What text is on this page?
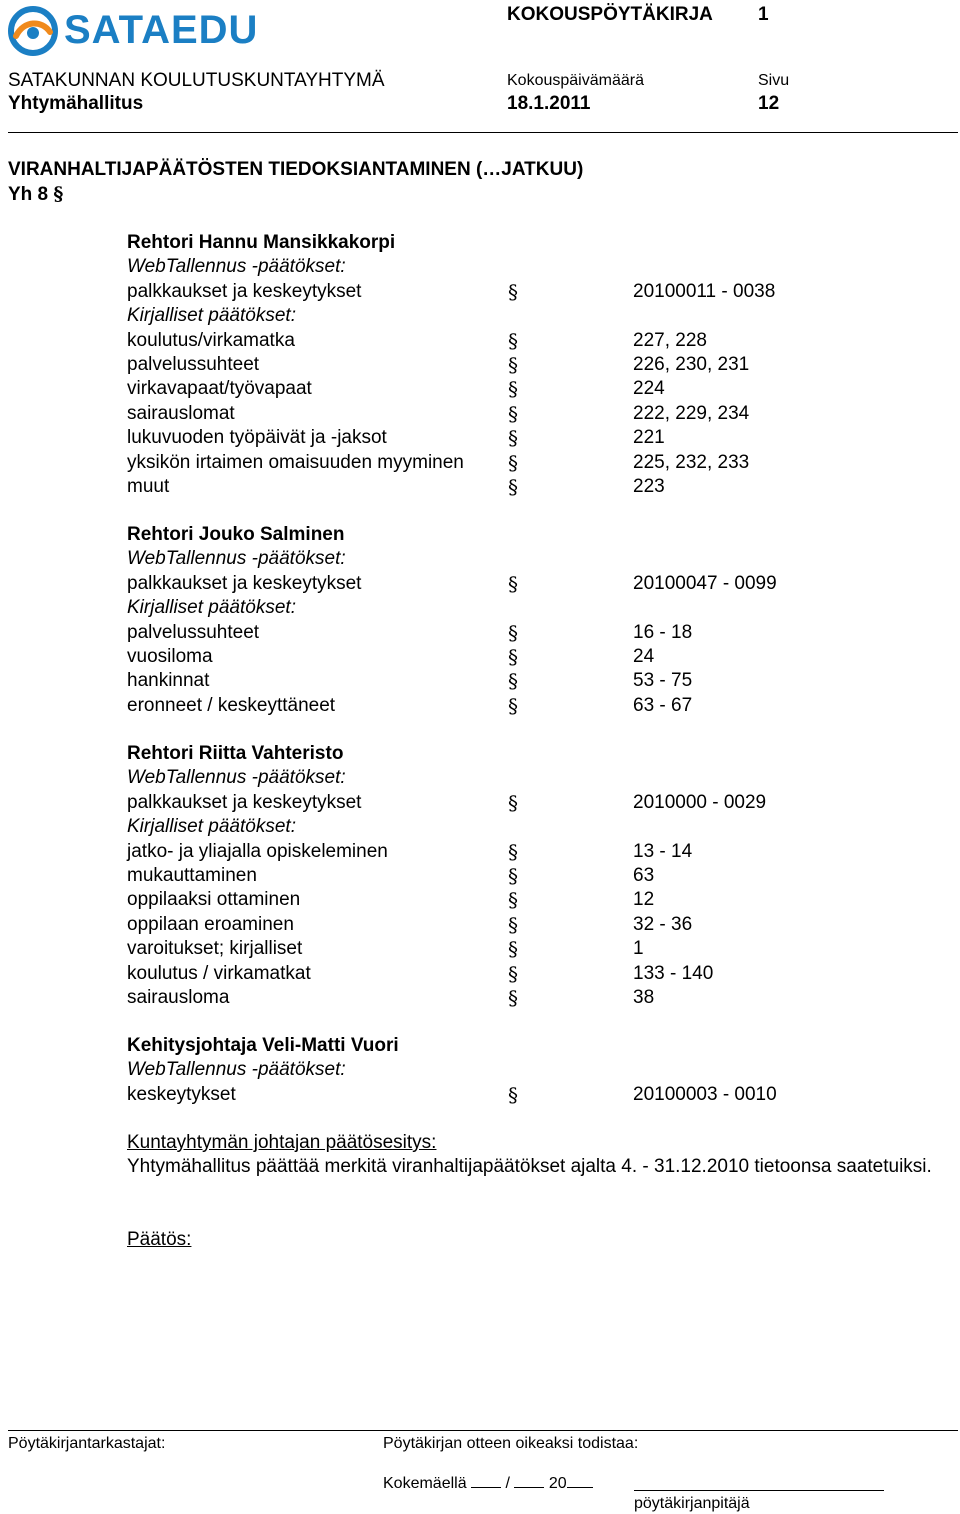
SATAEDU	KOKOUSPÖYTÄKIRJA 1
SATAKUNNAN KOULUTUSKUNTAYHTYMÄ	Kokouspäivämäärä	Sivu
Yhtymähallitus	18.1.2011	12
VIRANHALTIJAPÄÄTÖSTEN TIEDOKSIANTAMINEN (…JATKUU)
Yh 8 §
Rehtori Hannu Mansikkakorpi
WebTallennus -päätökset:
palkkaukset ja keskeytykset	§	20100011 - 0038
Kirjalliset päätökset:
koulutus/virkamatka	§	227, 228
palvelussuhteet	§	226, 230, 231
virkavapaat/työvapaat	§	224
sairauslomat	§	222, 229, 234
lukuvuoden työpäivät ja -jaksot	§	221
yksikön irtaimen omaisuuden myyminen §	225, 232, 233
muut	§	223
Rehtori Jouko Salminen
WebTallennus -päätökset:
palkkaukset ja keskeytykset	§	20100047 - 0099
Kirjalliset päätökset:
palvelussuhteet	§	16 - 18
vuosiloma	§	24
hankinnat	§	53 - 75
eronneet / keskeyttäneet	§	63 - 67
Rehtori Riitta Vahteristo
WebTallennus -päätökset:
palkkaukset ja keskeytykset	§	2010000 - 0029
Kirjalliset päätökset:
jatko- ja yliajalla opiskeleminen	§	13 - 14
mukauttaminen	§	63
oppilaaksi ottaminen	§	12
oppilaan eroaminen	§	32 - 36
varoitukset; kirjalliset	§	1
koulutus / virkamatkat	§	133 - 140
sairausloma	§	38
Kehitysjohtaja Veli-Matti Vuori
WebTallennus -päätökset:
keskeytykset	§	20100003 - 0010
Kuntayhtymän johtajan päätösesitys:
Yhtymähallitus päättää merkitä viranhaltijapäätökset ajalta 4. - 31.12.2010 tietoonsa saatetuiksi.
Päätös:
Pöytäkirjantarkastajat:	Pöytäkirjan otteen oikeaksi todistaa:
Kokemäellä / 20
pöytäkirjanpitäjä
